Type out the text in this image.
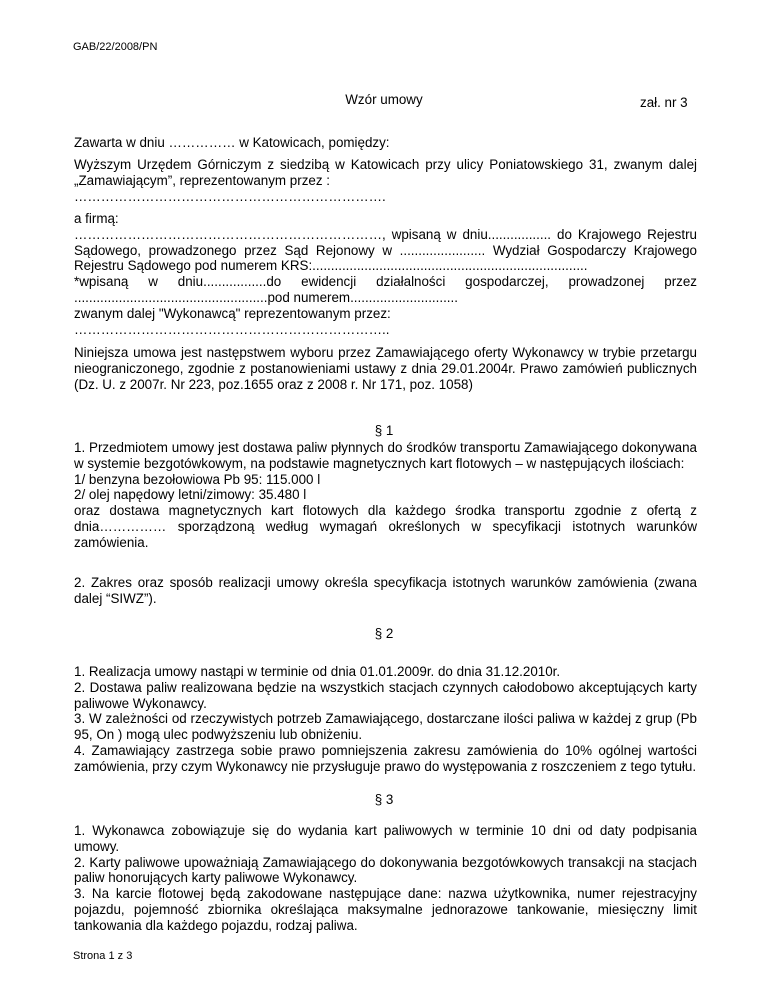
GAB/22/2008/PN
zał. nr 3
Wzór umowy
Zawarta w dniu …………… w Katowicach, pomiędzy:
Wyższym Urzędem Górniczym z siedzibą w Katowicach przy ulicy Poniatowskiego 31, zwanym dalej „Zamawiającym”, reprezentowanym przez :
…………………………………………………………….
a firmą:
……………………………………………………………, wpisaną w dniu................. do Krajowego Rejestru Sądowego, prowadzonego przez Sąd Rejonowy w ....................... Wydział Gospodarczy Krajowego Rejestru Sądowego pod numerem KRS:..........................................................................
*wpisaną w dniu.................do ewidencji działalności gospodarczej, prowadzonej przez ....................................................pod numerem.............................
zwanym dalej "Wykonawcą" reprezentowanym przez:
……………………………………………………………..
Niniejsza umowa jest następstwem wyboru przez Zamawiającego oferty Wykonawcy w trybie przetargu nieograniczonego, zgodnie z postanowieniami ustawy z dnia 29.01.2004r. Prawo zamówień publicznych (Dz. U. z 2007r. Nr 223, poz.1655 oraz z 2008 r. Nr 171, poz. 1058)
§ 1
1. Przedmiotem umowy jest dostawa paliw płynnych do środków transportu Zamawiającego dokonywana w systemie bezgotówkowym, na podstawie magnetycznych kart flotowych – w następujących ilościach:
1/ benzyna bezołowiowa Pb 95: 115.000 l
2/ olej napędowy letni/zimowy: 35.480 l
oraz dostawa magnetycznych kart flotowych dla każdego środka transportu zgodnie z ofertą z dnia…………… sporządzoną według wymagań określonych w specyfikacji istotnych warunków zamówienia.
2. Zakres oraz sposób realizacji umowy określa specyfikacja istotnych warunków zamówienia (zwana dalej “SIWZ”).
§ 2
1. Realizacja umowy nastąpi w terminie od dnia 01.01.2009r. do dnia 31.12.2010r.
2. Dostawa paliw realizowana będzie na wszystkich stacjach czynnych całodobowo akceptujących karty paliwowe Wykonawcy.
3. W zależności od rzeczywistych potrzeb Zamawiającego, dostarczane ilości paliwa w każdej z grup (Pb 95, On ) mogą ulec podwyższeniu lub obniżeniu.
4. Zamawiający zastrzega sobie prawo pomniejszenia zakresu zamówienia do 10% ogólnej wartości zamówienia, przy czym Wykonawcy nie przysługuje prawo do występowania z roszczeniem z tego tytułu.
§ 3
1. Wykonawca zobowiązuje się do wydania kart paliwowych w terminie 10 dni od daty podpisania umowy.
2. Karty paliwowe upoważniają Zamawiającego do dokonywania bezgotówkowych transakcji na stacjach paliw honorujących karty paliwowe Wykonawcy.
3. Na karcie flotowej będą zakodowane następujące dane: nazwa użytkownika, numer rejestracyjny pojazdu, pojemność zbiornika określająca maksymalne jednorazowe tankowanie, miesięczny limit tankowania dla każdego pojazdu, rodzaj paliwa.
Strona 1 z 3
